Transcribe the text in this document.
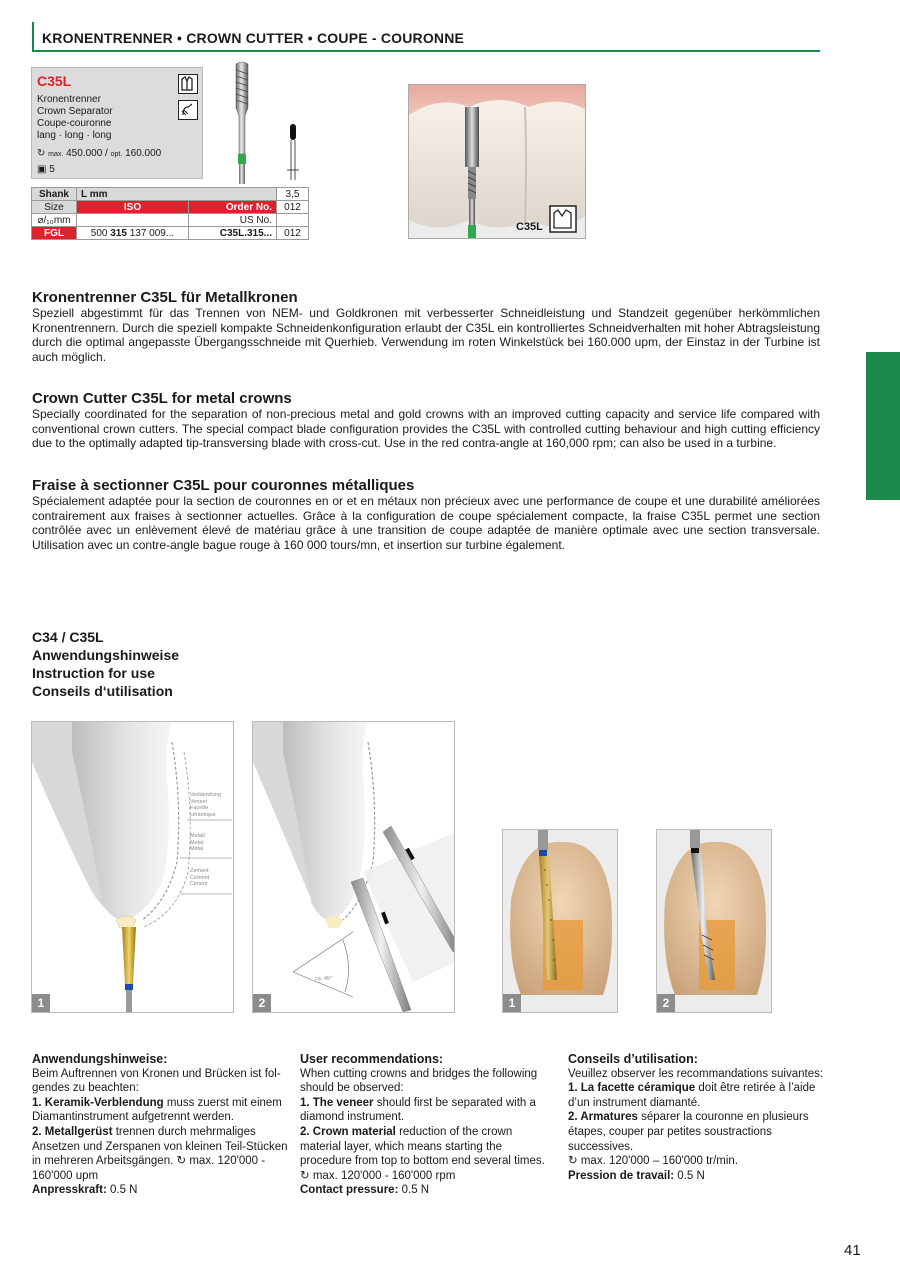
KRONENTRENNER • CROWN CUTTER • COUPE - COURONNE
C35L
Kronentrenner
Crown Separator
Coupe-couronne
lang · long · long
↻ max. 450.000 / opt. 160.000
▣ 5
Shank	L mm		3,5
Size	ISO	Order No.	012
⌀/₁₀mm		US No.	
FGL	500 315 137 009...	C35L.315...	012	C35L
Kronentrenner C35L für Metallkronen
Speziell abgestimmt für das Trennen von NEM- und Goldkronen mit verbesserter Schneidleistung und Standzeit gegenüber herkömmlichen Kronentrennern. Durch die speziell kompakte Schneidenkonfiguration erlaubt der C35L ein kontrolliertes Schneidverhalten mit hoher Abtragsleistung durch die optimal angepasste Übergangsschneide mit Querhieb. Verwendung im roten Winkelstück bei 160.000 upm, der Einstaz in der Turbine ist auch möglich.
Crown Cutter C35L for metal crowns
Specially coordinated for the separation of non-precious metal and gold crowns with an improved cutting capacity and service life compared with conventional crown cutters. The special compact blade configuration provides the C35L with controlled cutting behaviour and high cutting efficiency due to the optimally adapted tip-transversing blade with cross-cut. Use in the red contra-angle at 160,000 rpm; can also be used in a turbine.
Fraise à sectionner C35L pour couronnes métalliques
Spécialement adaptée pour la section de couronnes en or et en métaux non précieux avec une performance de coupe et une durabilité améliorées contrairement aux fraises à sectionner actuelles. Grâce à la configuration de coupe spécialement compacte, la fraise C35L permet une section contrôlée avec un enlèvement élevé de matériau grâce à une transition de coupe adaptée de manière optimale avec une section transversale. Utilisation avec un contre-angle bague rouge à 160 000 tours/mn, et insertion sur turbine également.
C34 / C35L
Anwendungshinweise
Instruction for use
Conseils d‘utilisation
Verblendung
Veneer
Facette
céramique
Metall
Metal
Métal
Zement
Cement
Ciment
1
ca. 45°
2	1	2
Anwendungshinweise:
Beim Auftrennen von Kronen und Brücken ist folgendes zu beachten:
1. Keramik-Verblendung muss zuerst mit einem Diamantinstrument aufgetrennt werden.
2. Metallgerüst trennen durch mehrmaliges Ansetzen und Zerspanen von kleinen Teil-Stücken in mehreren Arbeitsgängen. ↻ max. 120'000 - 160'000 upm
Anpresskraft: 0.5 N
User recommendations:
When cutting crowns and bridges the following should be observed:
1. The veneer should first be separated with a diamond instrument.
2. Crown material reduction of the crown material layer, which means starting the procedure from top to bottom end several times. ↻ max. 120'000 - 160'000 rpm
Contact pressure: 0.5 N
Conseils d’utilisation:
Veuillez observer les recommandations suivantes:
1. La facette céramique doit être retirée à l’aide d’un instrument diamanté.
2. Armatures séparer la couronne en plusieurs étapes, couper par petites soustractions successives.
↻ max. 120'000 – 160'000 tr/min.
Pression de travail: 0.5 N
41
